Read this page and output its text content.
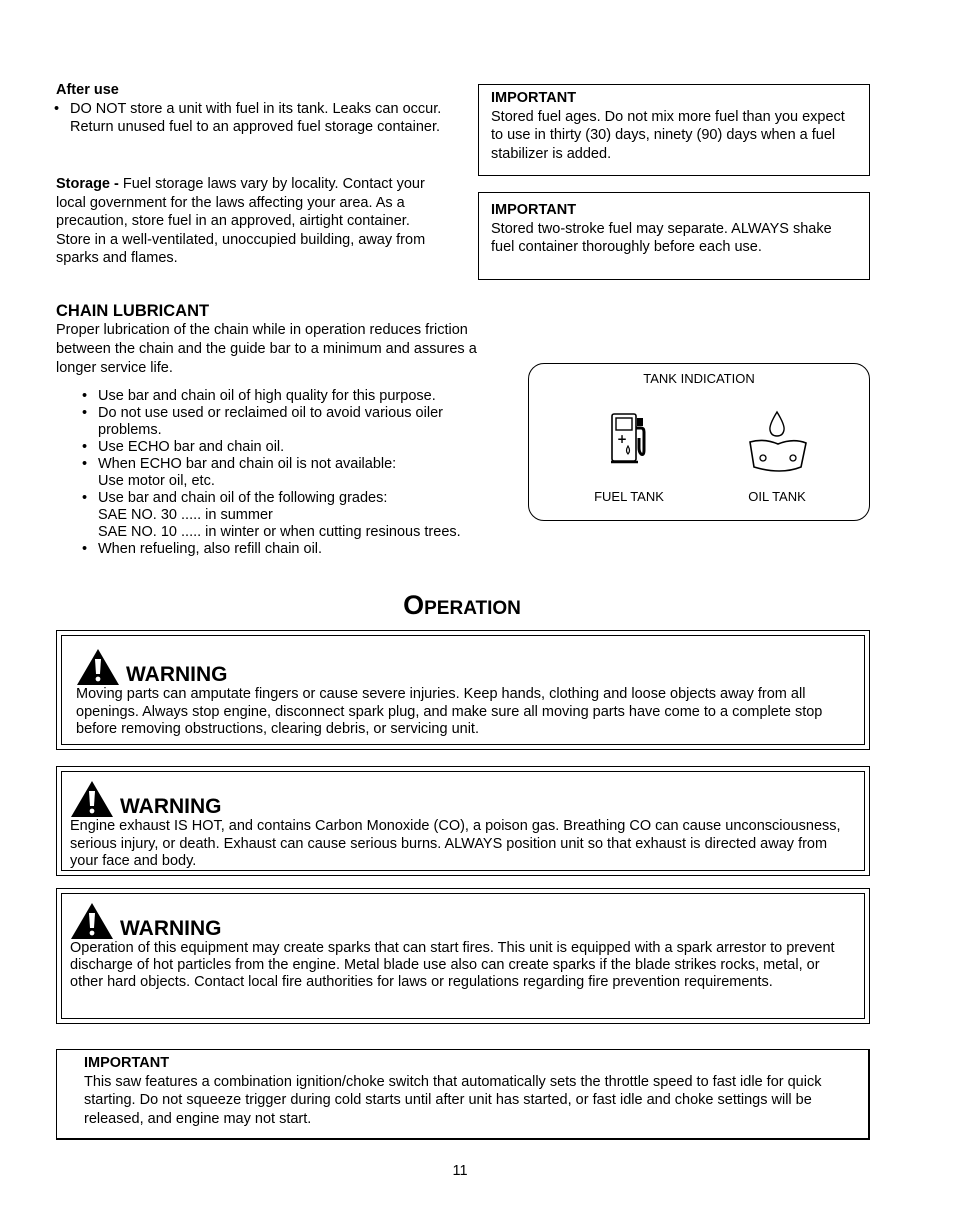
After use

• DO NOT store a unit with fuel in its tank. Leaks can occur. Return unused fuel to an approved fuel storage container.

Storage - Fuel storage laws vary by locality. Contact your local government for the laws affecting your area. As a precaution, store fuel in an approved, airtight container. Store in a well-ventilated, unoccupied building, away from sparks and flames.

IMPORTANT

Stored fuel ages. Do not mix more fuel than you expect to use in thirty (30) days, ninety (90) days when a fuel stabilizer is added.

IMPORTANT

Stored two-stroke fuel may separate. ALWAYS shake fuel container thoroughly before each use.

CHAIN LUBRICANT

Proper lubrication of the chain while in operation reduces friction between the chain and the guide bar to a minimum and assures a longer service life.

• Use bar and chain oil of high quality for this purpose.
• Do not use used or reclaimed oil to avoid various oiler problems.
• Use ECHO bar and chain oil.
• When ECHO bar and chain oil is not available:
Use motor oil, etc.
• Use bar and chain oil of the following grades:
SAE NO. 30 ..... in summer
SAE NO. 10 ..... in winter or when cutting resinous trees.
• When refueling, also refill chain oil.
TANK INDICATION
+
FUEL TANK	OIL TANK
OPERATION
WARNING

Moving parts can amputate fingers or cause severe injuries. Keep hands, clothing and loose objects away from all openings. Always stop engine, disconnect spark plug, and make sure all moving parts have come to a complete stop before removing obstructions, clearing debris, or servicing unit.

WARNING

Engine exhaust IS HOT, and contains Carbon Monoxide (CO), a poison gas. Breathing CO can cause unconsciousness, serious injury, or death. Exhaust can cause serious burns. ALWAYS position unit so that exhaust is directed away from your face and body.

WARNING

Operation of this equipment may create sparks that can start fires. This unit is equipped with a spark arrestor to prevent discharge of hot particles from the engine. Metal blade use also can create sparks if the blade strikes rocks, metal, or other hard objects. Contact local fire authorities for laws or regulations regarding fire prevention requirements.

IMPORTANT

This saw features a combination ignition/choke switch that automatically sets the throttle speed to fast idle for quick starting. Do not squeeze trigger during cold starts until after unit has started, or fast idle and choke settings will be released, and engine may not start.

11
